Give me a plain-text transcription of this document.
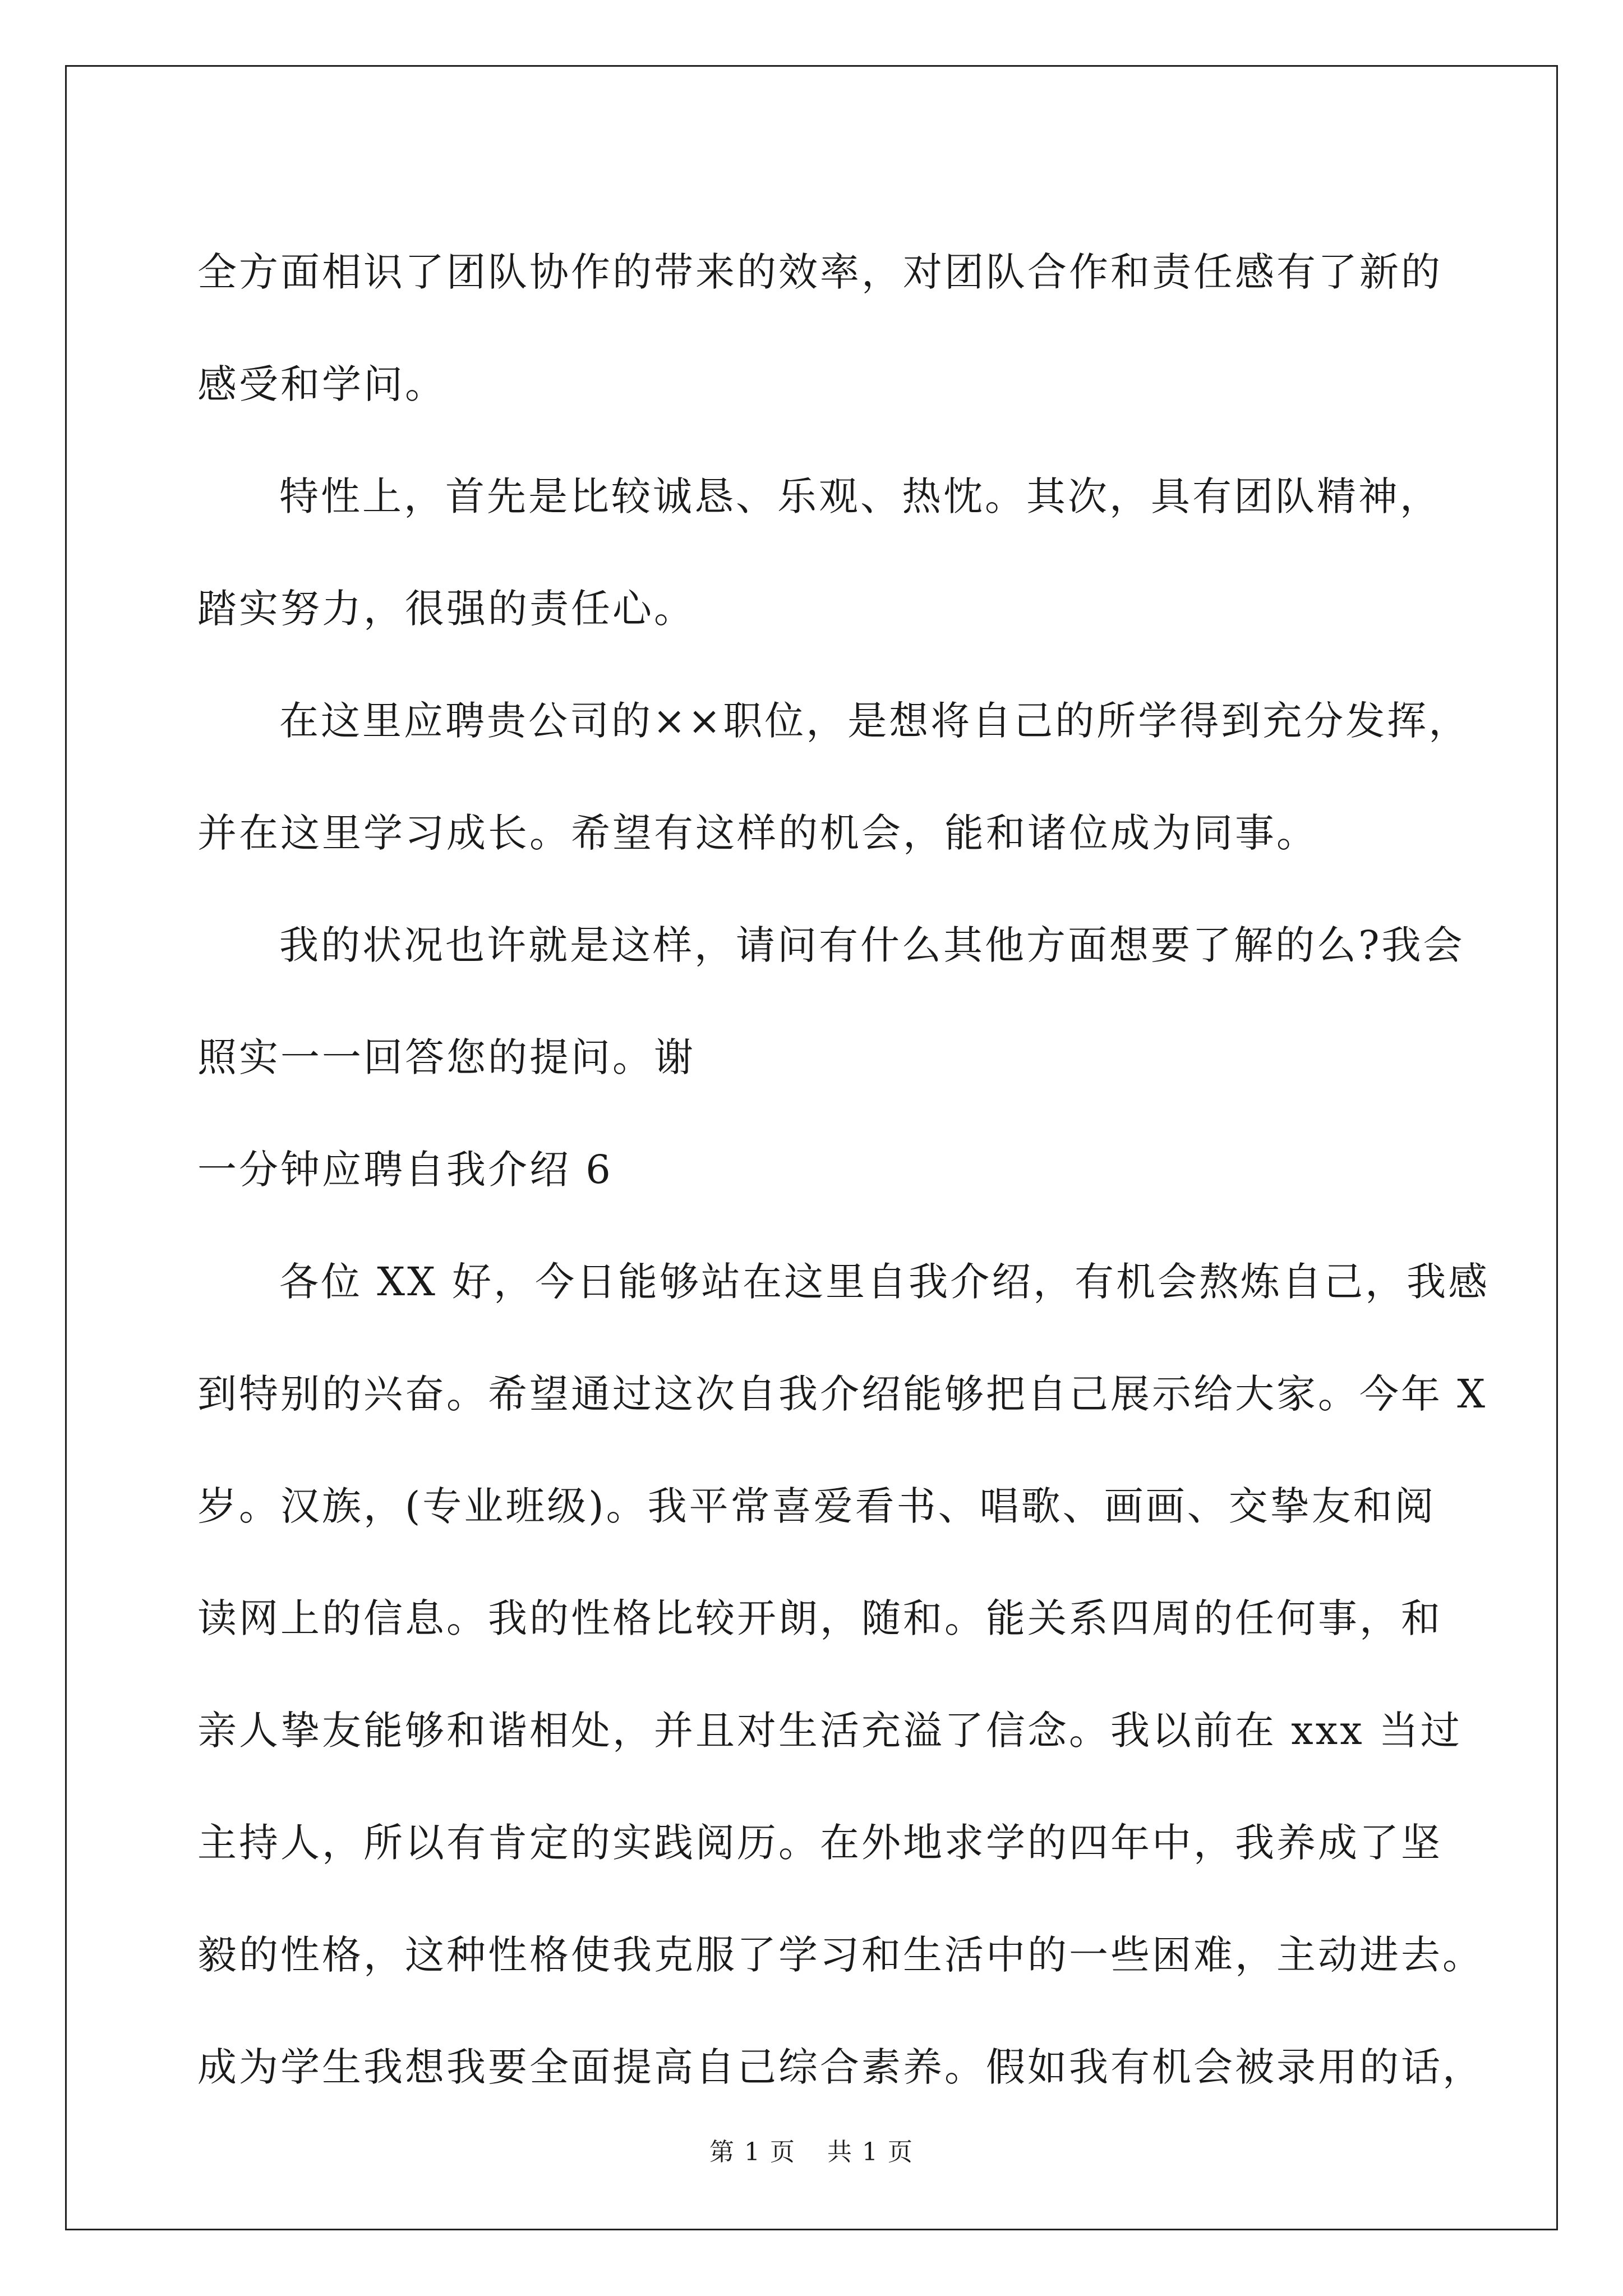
全方面相识了团队协作的带来的效率，对团队合作和责任感有了新的
感受和学问。
特性上，首先是比较诚恳、乐观、热忱。其次，具有团队精神，
踏实努力，很强的责任心。
在这里应聘贵公司的××职位，是想将自己的所学得到充分发挥，
并在这里学习成长。希望有这样的机会，能和诸位成为同事。
我的状况也许就是这样，请问有什么其他方面想要了解的么?我会
照实一一回答您的提问。谢
一分钟应聘自我介绍 6
各位 XX 好，今日能够站在这里自我介绍，有机会熬炼自己，我感
到特别的兴奋。希望通过这次自我介绍能够把自己展示给大家。今年 X
岁。汉族，(专业班级)。我平常喜爱看书、唱歌、画画、交挚友和阅
读网上的信息。我的性格比较开朗，随和。能关系四周的任何事，和
亲人挚友能够和谐相处，并且对生活充溢了信念。我以前在 xxx 当过
主持人，所以有肯定的实践阅历。在外地求学的四年中，我养成了坚
毅的性格，这种性格使我克服了学习和生活中的一些困难，主动进去。
成为学生我想我要全面提高自己综合素养。假如我有机会被录用的话，
第 1 页 共 1 页
